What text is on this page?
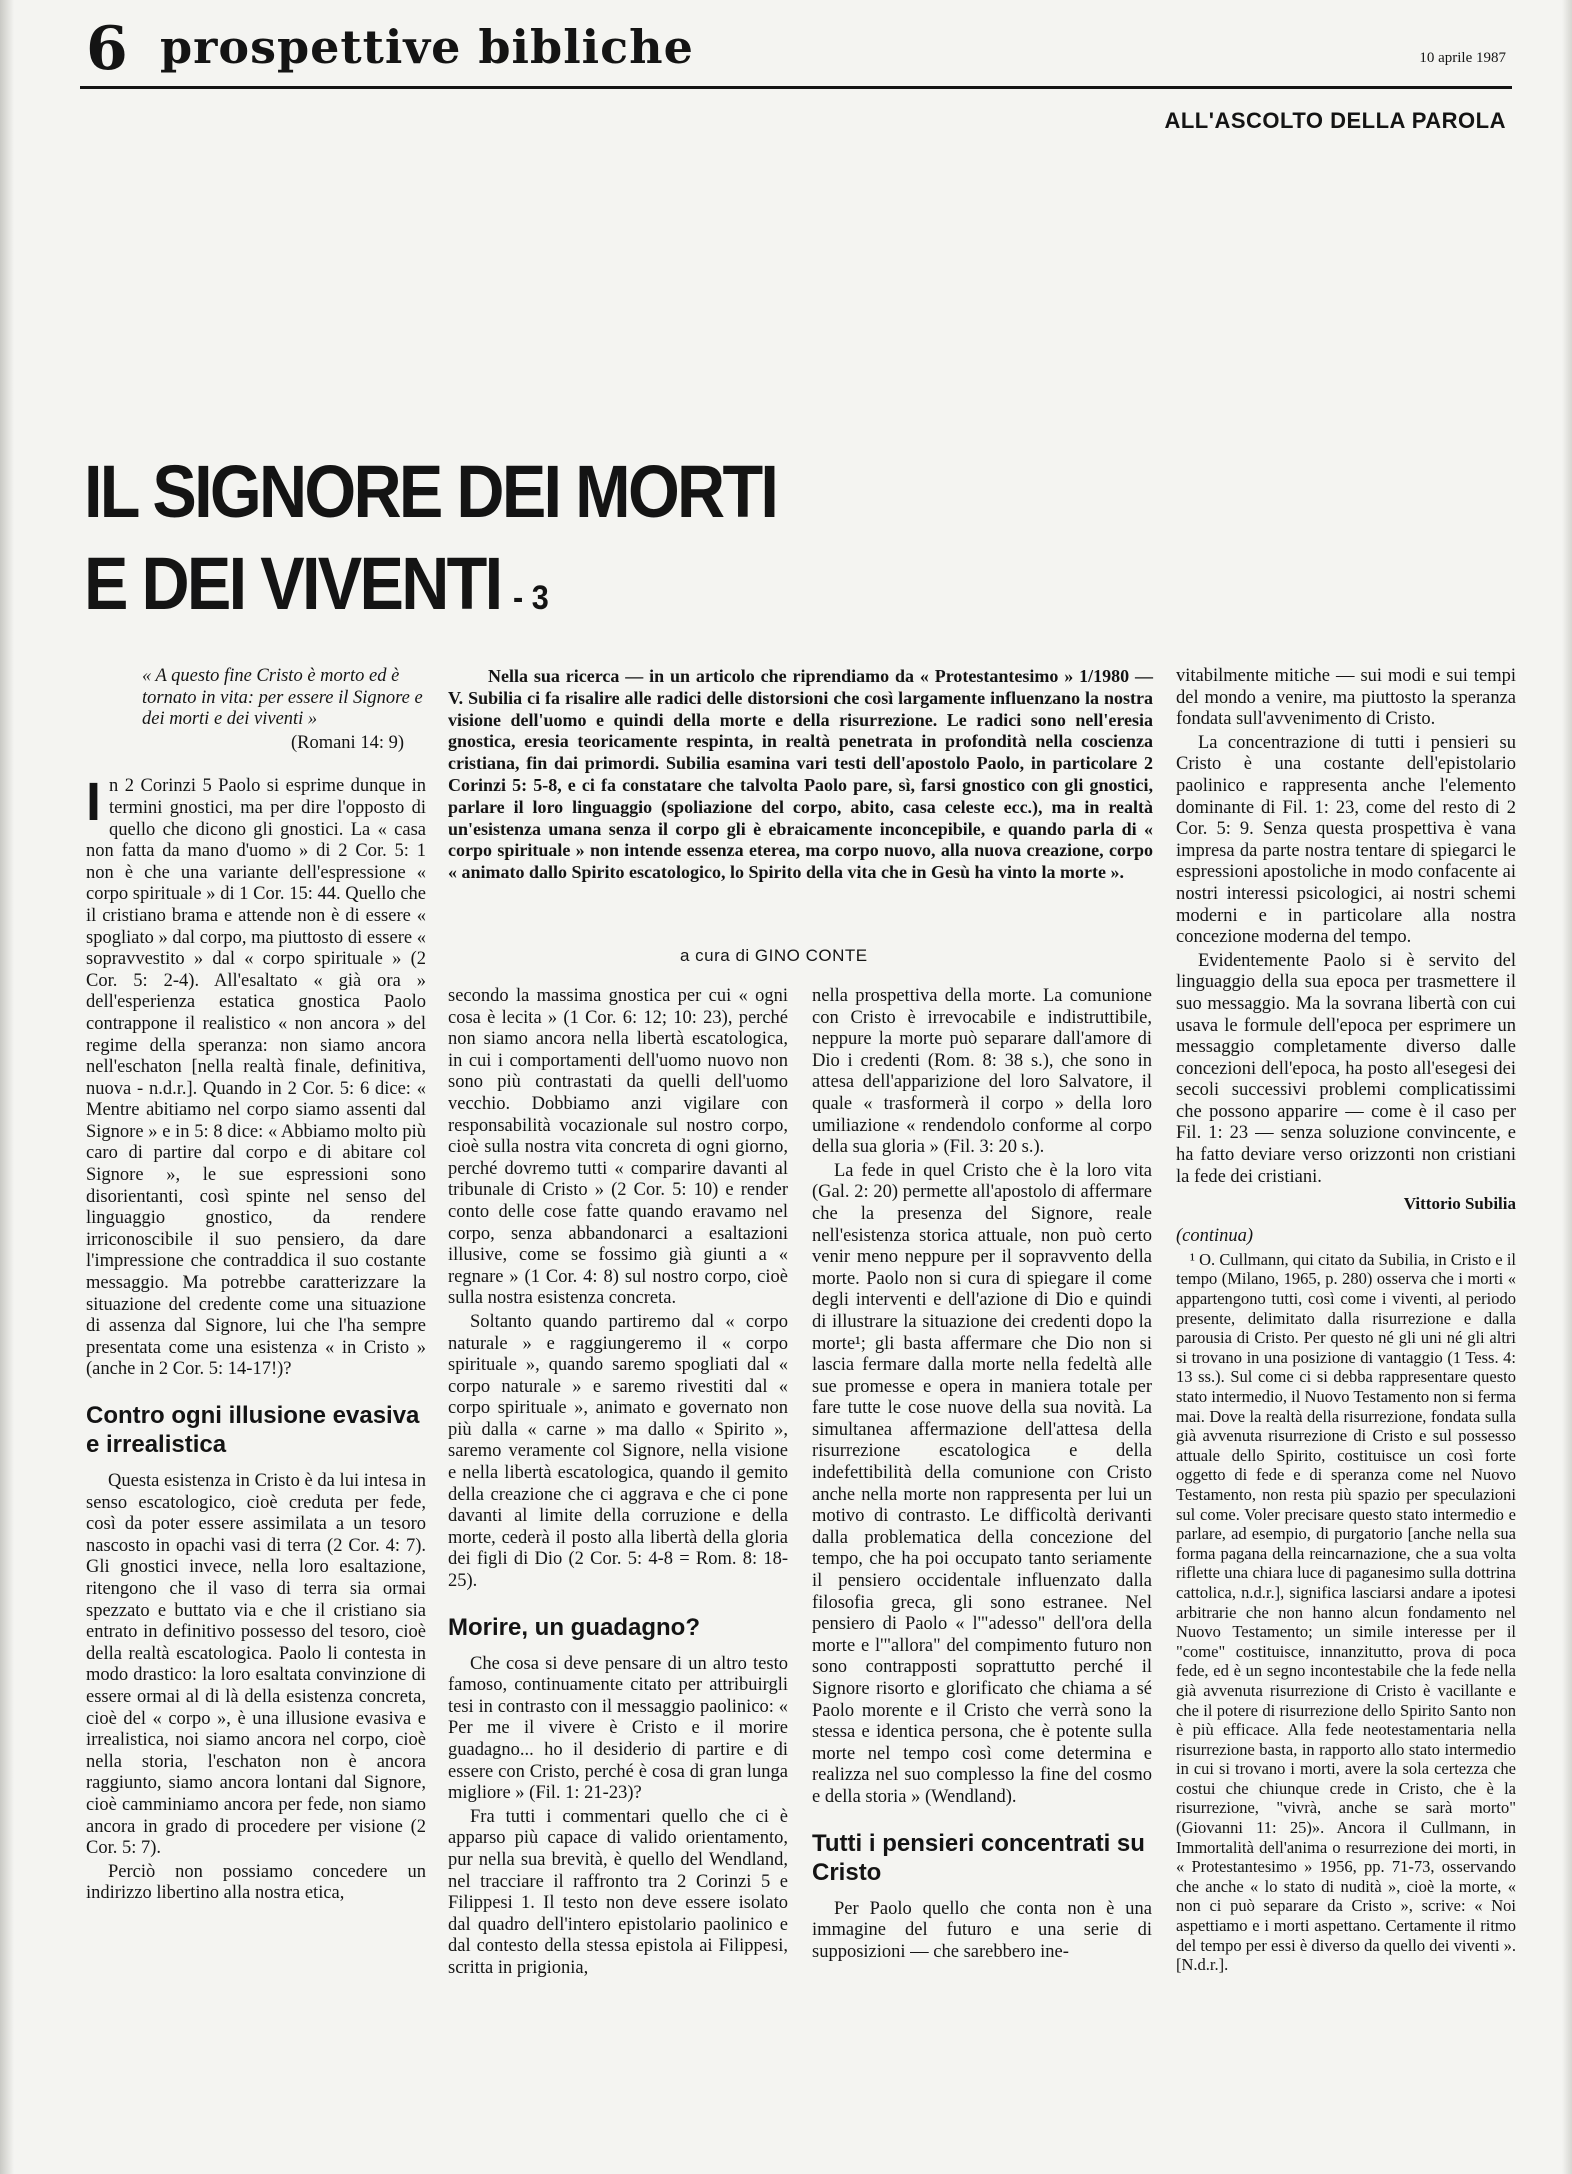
6 prospettive bibliche	10 aprile 1987
ALL'ASCOLTO DELLA PAROLA
IL SIGNORE DEI MORTI
E DEI VIVENTI - 3

Nella sua ricerca — in un articolo che riprendiamo da « Protestantesimo » 1/1980 — V. Subilia ci fa risalire alle radici delle distorsioni che così largamente influenzano la nostra visione dell'uomo e quindi della morte e della risurrezione. Le radici sono nell'eresia gnostica, eresia teoricamente respinta, in realtà penetrata in profondità nella coscienza cristiana, fin dai primordi. Subilia esamina vari testi dell'apostolo Paolo, in particolare 2 Corinzi 5: 5-8, e ci fa constatare che talvolta Paolo pare, sì, farsi gnostico con gli gnostici, parlare il loro linguaggio (spoliazione del corpo, abito, casa celeste ecc.), ma in realtà un'esistenza umana senza il corpo gli è ebraicamente inconcepibile, e quando parla di « corpo spirituale » non intende essenza eterea, ma corpo nuovo, alla nuova creazione, corpo « animato dallo Spirito escatologico, lo Spirito della vita che in Gesù ha vinto la morte ».

a cura di GINO CONTE
« A questo fine Cristo è morto ed è tornato in vita: per essere il Signore e dei morti e dei viventi »
(Romani 14: 9)

In 2 Corinzi 5 Paolo si esprime dunque in termini gnostici, ma per dire l'opposto di quello che dicono gli gnostici. La « casa non fatta da mano d'uomo » di 2 Cor. 5: 1 non è che una variante dell'espressione « corpo spirituale » di 1 Cor. 15: 44. Quello che il cristiano brama e attende non è di essere « spogliato » dal corpo, ma piuttosto di essere « sopravvestito » dal « corpo spirituale » (2 Cor. 5: 2-4). All'esaltato « già ora » dell'esperienza estatica gnostica Paolo contrappone il realistico « non ancora » del regime della speranza: non siamo ancora nell'eschaton [nella realtà finale, definitiva, nuova - n.d.r.]. Quando in 2 Cor. 5: 6 dice: « Mentre abitiamo nel corpo siamo assenti dal Signore » e in 5: 8 dice: « Abbiamo molto più caro di partire dal corpo e di abitare col Signore », le sue espressioni sono disorientanti, così spinte nel senso del linguaggio gnostico, da rendere irriconoscibile il suo pensiero, da dare l'impressione che contraddica il suo costante messaggio. Ma potrebbe caratterizzare la situazione del credente come una situazione di assenza dal Signore, lui che l'ha sempre presentata come una esistenza « in Cristo » (anche in 2 Cor. 5: 14-17!)?

Contro ogni illusione evasiva e irrealistica

Questa esistenza in Cristo è da lui intesa in senso escatologico, cioè creduta per fede, così da poter essere assimilata a un tesoro nascosto in opachi vasi di terra (2 Cor. 4: 7). Gli gnostici invece, nella loro esaltazione, ritengono che il vaso di terra sia ormai spezzato e buttato via e che il cristiano sia entrato in definitivo possesso del tesoro, cioè della realtà escatologica. Paolo li contesta in modo drastico: la loro esaltata convinzione di essere ormai al di là della esistenza concreta, cioè del « corpo », è una illusione evasiva e irrealistica, noi siamo ancora nel corpo, cioè nella storia, l'eschaton non è ancora raggiunto, siamo ancora lontani dal Signore, cioè camminiamo ancora per fede, non siamo ancora in grado di procedere per visione (2 Cor. 5: 7).

Perciò non possiamo concedere un indirizzo libertino alla nostra etica,

secondo la massima gnostica per cui « ogni cosa è lecita » (1 Cor. 6: 12; 10: 23), perché non siamo ancora nella libertà escatologica, in cui i comportamenti dell'uomo nuovo non sono più contrastati da quelli dell'uomo vecchio. Dobbiamo anzi vigilare con responsabilità vocazionale sul nostro corpo, cioè sulla nostra vita concreta di ogni giorno, perché dovremo tutti « comparire davanti al tribunale di Cristo » (2 Cor. 5: 10) e render conto delle cose fatte quando eravamo nel corpo, senza abbandonarci a esaltazioni illusive, come se fossimo già giunti a « regnare » (1 Cor. 4: 8) sul nostro corpo, cioè sulla nostra esistenza concreta.

Soltanto quando partiremo dal « corpo naturale » e raggiungeremo il « corpo spirituale », quando saremo spogliati dal « corpo naturale » e saremo rivestiti dal « corpo spirituale », animato e governato non più dalla « carne » ma dallo « Spirito », saremo veramente col Signore, nella visione e nella libertà escatologica, quando il gemito della creazione che ci aggrava e che ci pone davanti al limite della corruzione e della morte, cederà il posto alla libertà della gloria dei figli di Dio (2 Cor. 5: 4-8 = Rom. 8: 18-25).

Morire, un guadagno?

Che cosa si deve pensare di un altro testo famoso, continuamente citato per attribuirgli tesi in contrasto con il messaggio paolinico: « Per me il vivere è Cristo e il morire guadagno... ho il desiderio di partire e di essere con Cristo, perché è cosa di gran lunga migliore » (Fil. 1: 21-23)?

Fra tutti i commentari quello che ci è apparso più capace di valido orientamento, pur nella sua brevità, è quello del Wendland, nel tracciare il raffronto tra 2 Corinzi 5 e Filippesi 1. Il testo non deve essere isolato dal quadro dell'intero epistolario paolinico e dal contesto della stessa epistola ai Filippesi, scritta in prigionia,

nella prospettiva della morte. La comunione con Cristo è irrevocabile e indistruttibile, neppure la morte può separare dall'amore di Dio i credenti (Rom. 8: 38 s.), che sono in attesa dell'apparizione del loro Salvatore, il quale « trasformerà il corpo » della loro umiliazione « rendendolo conforme al corpo della sua gloria » (Fil. 3: 20 s.).

La fede in quel Cristo che è la loro vita (Gal. 2: 20) permette all'apostolo di affermare che la presenza del Signore, reale nell'esistenza storica attuale, non può certo venir meno neppure per il sopravvento della morte. Paolo non si cura di spiegare il come degli interventi e dell'azione di Dio e quindi di illustrare la situazione dei credenti dopo la morte¹; gli basta affermare che Dio non si lascia fermare dalla morte nella fedeltà alle sue promesse e opera in maniera totale per fare tutte le cose nuove della sua novità. La simultanea affermazione dell'attesa della risurrezione escatologica e della indefettibilità della comunione con Cristo anche nella morte non rappresenta per lui un motivo di contrasto. Le difficoltà derivanti dalla problematica della concezione del tempo, che ha poi occupato tanto seriamente il pensiero occidentale influenzato dalla filosofia greca, gli sono estranee. Nel pensiero di Paolo « l'"adesso" dell'ora della morte e l'"allora" del compimento futuro non sono contrapposti soprattutto perché il Signore risorto e glorificato che chiama a sé Paolo morente e il Cristo che verrà sono la stessa e identica persona, che è potente sulla morte nel tempo così come determina e realizza nel suo complesso la fine del cosmo e della storia » (Wendland).

Tutti i pensieri concentrati su Cristo

Per Paolo quello che conta non è una immagine del futuro e una serie di supposizioni — che sarebbero ine-

vitabilmente mitiche — sui modi e sui tempi del mondo a venire, ma piuttosto la speranza fondata sull'avvenimento di Cristo.

La concentrazione di tutti i pensieri su Cristo è una costante dell'epistolario paolinico e rappresenta anche l'elemento dominante di Fil. 1: 23, come del resto di 2 Cor. 5: 9. Senza questa prospettiva è vana impresa da parte nostra tentare di spiegarci le espressioni apostoliche in modo confacente ai nostri interessi psicologici, ai nostri schemi moderni e in particolare alla nostra concezione moderna del tempo.

Evidentemente Paolo si è servito del linguaggio della sua epoca per trasmettere il suo messaggio. Ma la sovrana libertà con cui usava le formule dell'epoca per esprimere un messaggio completamente diverso dalle concezioni dell'epoca, ha posto all'esegesi dei secoli successivi problemi complicatissimi che possono apparire — come è il caso per Fil. 1: 23 — senza soluzione convincente, e ha fatto deviare verso orizzonti non cristiani la fede dei cristiani.

Vittorio Subilia

(continua)

¹ O. Cullmann, qui citato da Subilia, in Cristo e il tempo (Milano, 1965, p. 280) osserva che i morti « appartengono tutti, così come i viventi, al periodo presente, delimitato dalla risurrezione e dalla parousia di Cristo. Per questo né gli uni né gli altri si trovano in una posizione di vantaggio (1 Tess. 4: 13 ss.). Sul come ci si debba rappresentare questo stato intermedio, il Nuovo Testamento non si ferma mai. Dove la realtà della risurrezione, fondata sulla già avvenuta risurrezione di Cristo e sul possesso attuale dello Spirito, costituisce un così forte oggetto di fede e di speranza come nel Nuovo Testamento, non resta più spazio per speculazioni sul come. Voler precisare questo stato intermedio e parlare, ad esempio, di purgatorio [anche nella sua forma pagana della reincarnazione, che a sua volta riflette una chiara luce di paganesimo sulla dottrina cattolica, n.d.r.], significa lasciarsi andare a ipotesi arbitrarie che non hanno alcun fondamento nel Nuovo Testamento; un simile interesse per il "come" costituisce, innanzitutto, prova di poca fede, ed è un segno incontestabile che la fede nella già avvenuta risurrezione di Cristo è vacillante e che il potere di risurrezione dello Spirito Santo non è più efficace. Alla fede neotestamentaria nella risurrezione basta, in rapporto allo stato intermedio in cui si trovano i morti, avere la sola certezza che costui che chiunque crede in Cristo, che è la risurrezione, "vivrà, anche se sarà morto" (Giovanni 11: 25)». Ancora il Cullmann, in Immortalità dell'anima o resurrezione dei morti, in « Protestantesimo » 1956, pp. 71-73, osservando che anche « lo stato di nudità », cioè la morte, « non ci può separare da Cristo », scrive: « Noi aspettiamo e i morti aspettano. Certamente il ritmo del tempo per essi è diverso da quello dei viventi ». [N.d.r.].
